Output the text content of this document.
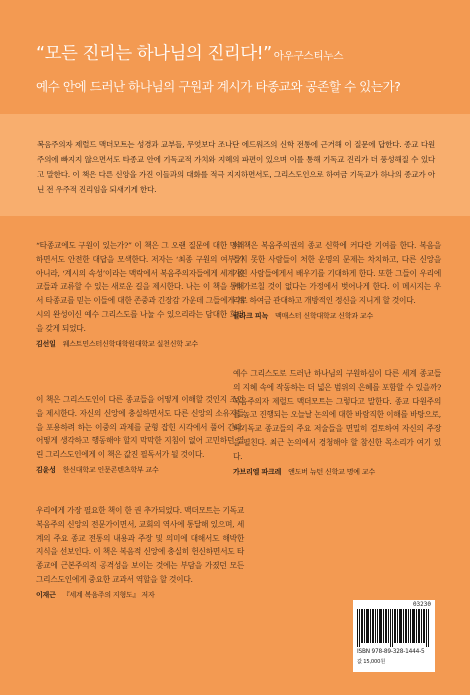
“모든 진리는 하나님의 진리다!” 아우구스티누스
예수 안에 드러난 하나님의 구원과 계시가 타종교와 공존할 수 있는가?

복음주의자 제럴드 맥더모트는 성경과 교부들, 무엇보다 조나단 에드워즈의 신학 전통에 근거해 이 질문에 답한다. 종교 다원주의에 빠지지 않으면서도 타종교 안에 기독교적 가치와 지혜의 파편이 있으며 이를 통해 기독교 진리가 더 풍성해질 수 있다고 말한다. 이 책은 다른 신앙을 가진 이들과의 대화를 적극 지지하면서도, 그리스도인으로 하여금 기독교가 하나의 종교가 아닌 전 우주적 진리임을 되새기게 한다.

“타종교에도 구원이 있는가?” 이 책은 그 오랜 질문에 대한 명쾌하면서도 안전한 대답을 모색한다. 저자는 ‘최종 구원의 여부’가 아니라, ‘계시의 속성’이라는 맥락에서 복음주의자들에게 세계 종교들과 교류할 수 있는 새로운 길을 제시한다. 나는 이 책을 통해서 타종교를 믿는 이들에 대한 존중과 긴장감 가운데 그들에게 계시의 완성이신 예수 그리스도를 나눌 수 있으리라는 담대한 희망을 갖게 되었다.

김선일 웨스트민스터신학대학원대학교 실천신학 교수

이 책은 그리스도인이 다른 종교들을 어떻게 이해할 것인지 조언을 제시한다. 자신의 신앙에 충실하면서도 다른 신앙의 소유자들을 포용하려 하는 이중의 과제를 균형 잡힌 시각에서 풀어 간다. 어떻게 생각하고 행동해야 할지 막막한 지침이 없어 고민하던 열린 그리스도인에게 이 책은 값진 필독서가 될 것이다.

김윤성 한신대학교 인문콘텐츠학부 교수

우리에게 가장 필요한 책이 한 권 추가되었다. 맥더모트는 기독교 복음주의 신앙의 전문가이면서, 교회의 역사에 통달해 있으며, 세계의 주요 종교 전통의 내용과 주장 및 의미에 대해서도 해박한 지식을 선보인다. 이 책은 복음적 신앙에 충실히 헌신하면서도 타종교에 근본주의적 공격성을 보이는 것에는 부담을 가졌던 모든 그리스도인에게 중요한 교과서 역할을 할 것이다.

이재근 『세계 복음주의 지형도』 저자

이 책은 복음주의권의 종교 신학에 커다란 기여를 한다. 복음을 들지 못한 사람들이 처한 운명의 문제는 차치하고, 다른 신앙을 가진 사람들에게서 배우기를 기대하게 한다. 또한 그들이 우리에게 가르칠 것이 없다는 가정에서 벗어나게 한다. 이 메시지는 우리로 하여금 관대하고 개방적인 정신을 지니게 할 것이다.

클라크 피녹 맥매스터 신학대학교 신학과 교수

예수 그리스도로 드러난 하나님의 구원하심이 다른 세계 종교들의 지혜 속에 작동하는 더 넓은 범위의 은혜를 포함할 수 있을까? 복음주의자 제럴드 맥더모트는 그렇다고 말한다. 종교 다원주의를 높고 진행되는 오늘날 논의에 대한 바람직한 이해를 바탕으로, 비기독교 종교들의 주요 저술들을 면밀히 검토하여 자신의 주장을 펼친다. 최근 논의에서 경청해야 할 참신한 목소리가 여기 있다.

가브리엘 파크레 앤도버 뉴턴 신학교 명예 교수
03230
ISBN 978-89-328-1444-5
값 15,000원
